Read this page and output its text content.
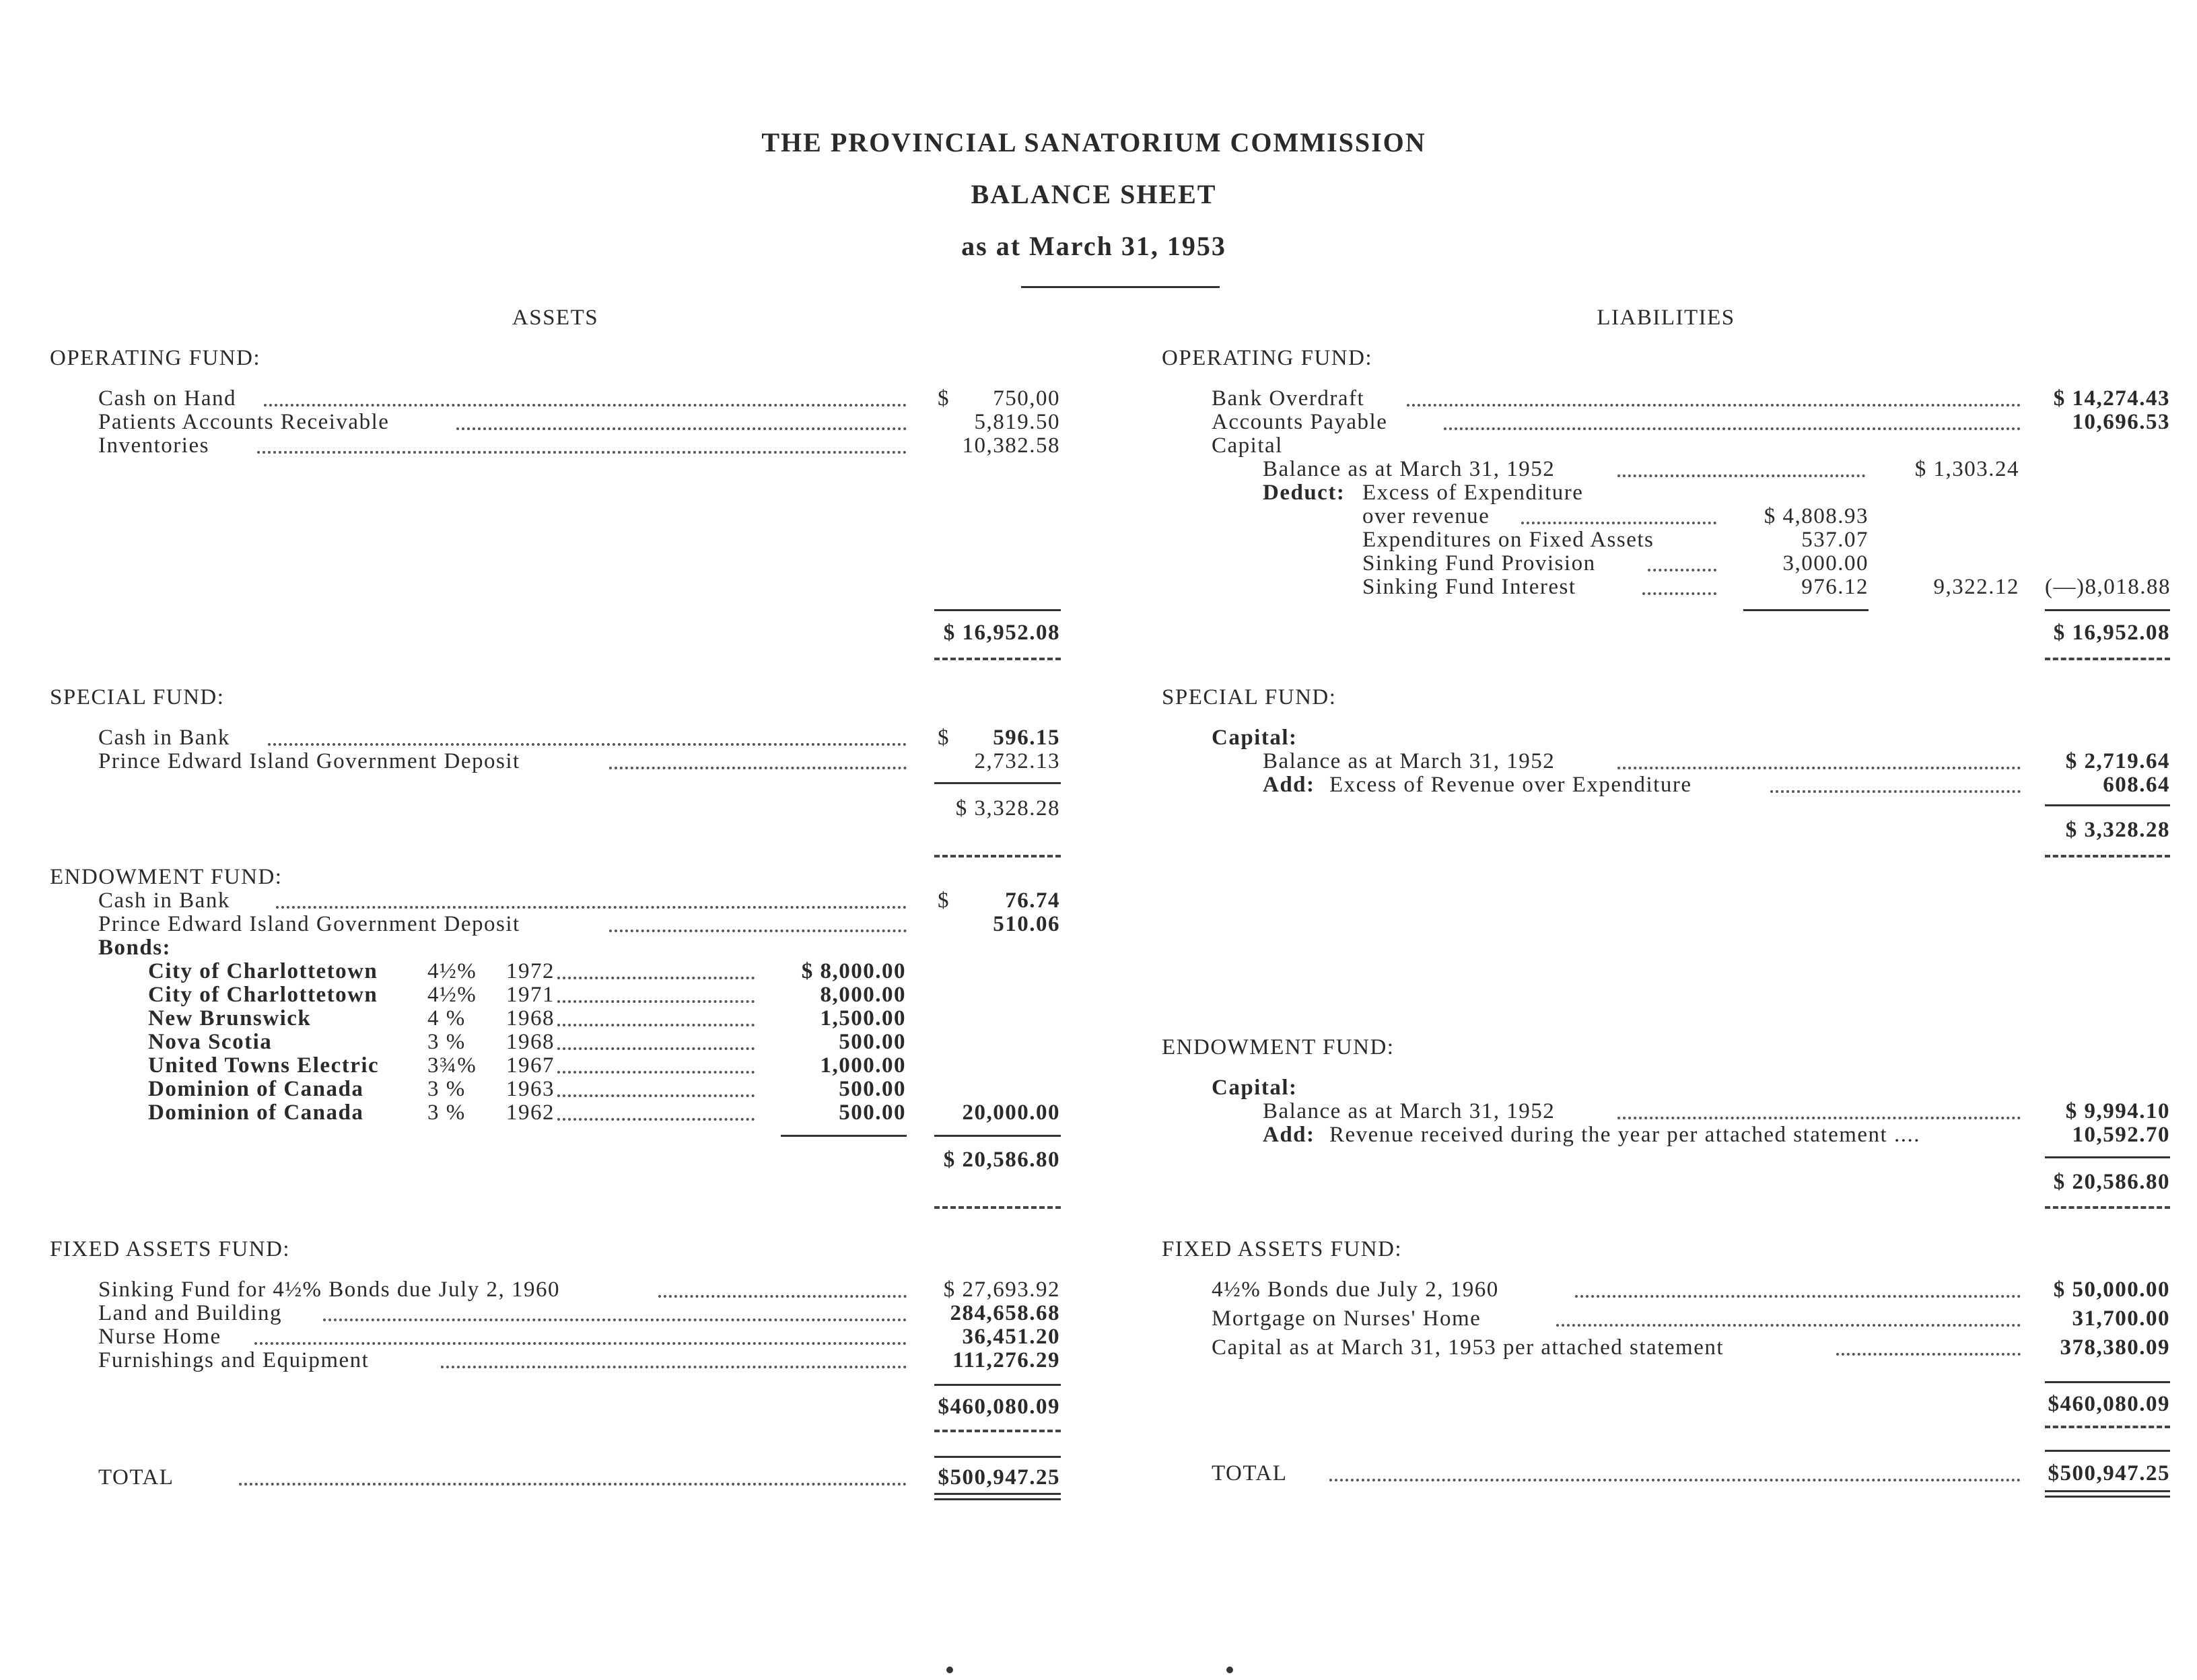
THE PROVINCIAL SANATORIUM COMMISSION
BALANCE SHEET
as at March 31, 1953
ASSETS
OPERATING FUND:
Cash on Hand	$	750,00
Patients Accounts Receivable	5,819.50
Inventories	10,382.58
$ 16,952.08
SPECIAL FUND:
Cash in Bank	$	596.15
Prince Edward Island Government Deposit	2,732.13
$ 3,328.28
ENDOWMENT FUND:
Cash in Bank	$	76.74
Prince Edward Island Government Deposit	510.06
Bonds:
City of Charlottetown 4½% 1972	$ 8,000.00
City of Charlottetown 4½% 1971	8,000.00
New Brunswick	4 % 1968	1,500.00
Nova Scotia	3 % 1968	500.00
United Towns Electric 3¾% 1967	1,000.00
Dominion of Canada	3 % 1963	500.00
Dominion of Canada	3 % 1962	500.00	20,000.00
$ 20,586.80
FIXED ASSETS FUND:
Sinking Fund for 4½% Bonds due July 2, 1960	$ 27,693.92
Land and Building	284,658.68
Nurse Home	36,451.20
Furnishings and Equipment	111,276.29
$460,080.09
TOTAL	$500,947.25
LIABILITIES
OPERATING FUND:
Bank Overdraft	$ 14,274.43
Accounts Payable	10,696.53
Capital
Balance as at March 31, 1952	$ 1,303.24
Deduct: Excess of Expenditure
over revenue	$ 4,808.93
Expenditures on Fixed Assets	537.07
Sinking Fund Provision	3,000.00
Sinking Fund Interest	976.12	9,322.12	(—)8,018.88
$ 16,952.08
SPECIAL FUND:
Capital:
Balance as at March 31, 1952	$ 2,719.64
Add: Excess of Revenue over Expenditure	608.64
$ 3,328.28
ENDOWMENT FUND:
Capital:
Balance as at March 31, 1952	$ 9,994.10
Add: Revenue received during the year per attached statement ....	10,592.70
$ 20,586.80
FIXED ASSETS FUND:
4½% Bonds due July 2, 1960	$ 50,000.00
Mortgage on Nurses' Home	31,700.00
Capital as at March 31, 1953 per attached statement	378,380.09
$460,080.09
TOTAL	$500,947.25
